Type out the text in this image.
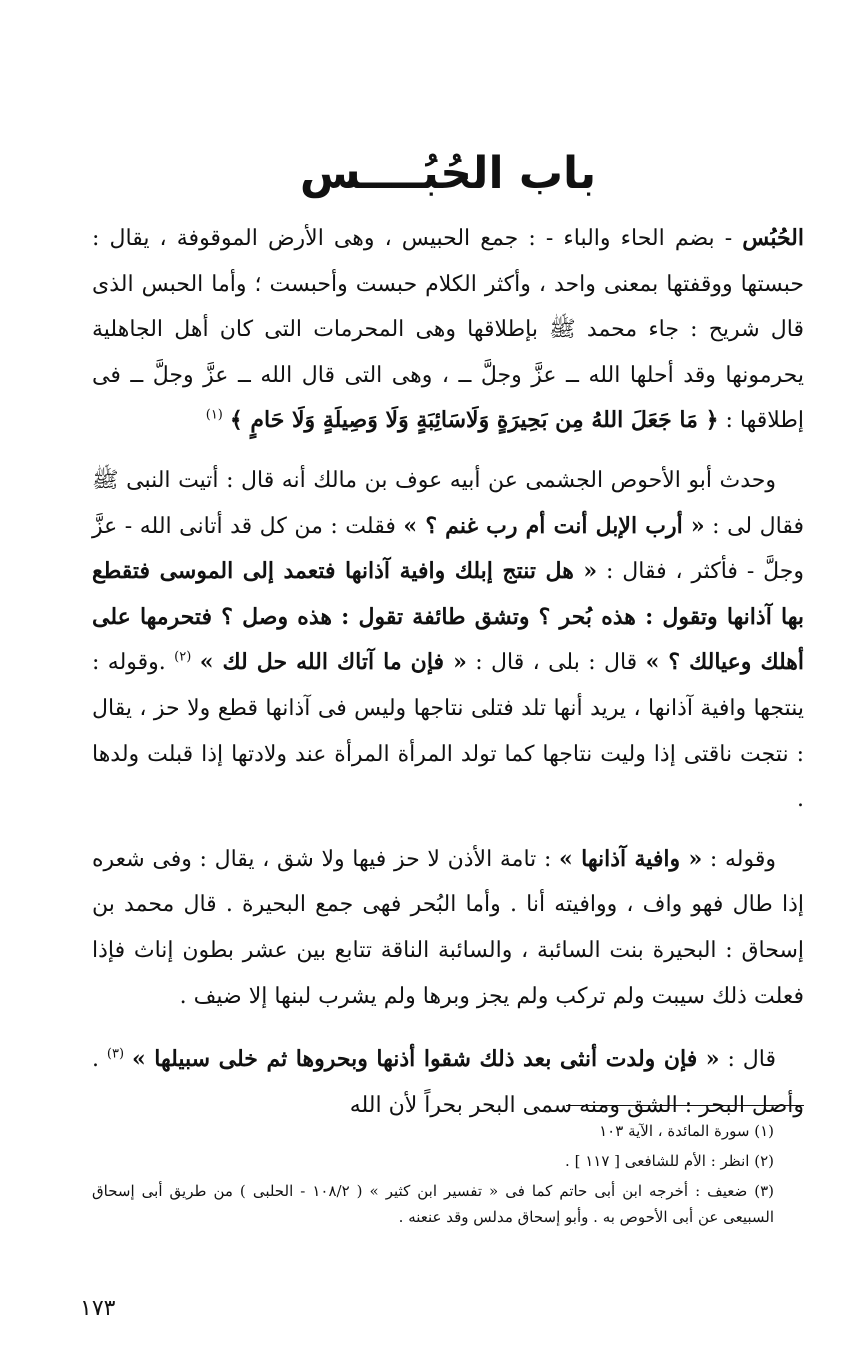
باب الحُبُــــس

الحُبُس - بضم الحاء والباء - : جمع الحبيس ، وهى الأرض الموقوفة ، يقال : حبستها ووقفتها بمعنى واحد ، وأكثر الكلام حبست وأحبست ؛ وأما الحبس الذى قال شريح : جاء محمد ﷺ بإطلاقها وهى المحرمات التى كان أهل الجاهلية يحرمونها وقد أحلها الله ــ عزَّ وجلَّ ــ ، وهى التى قال الله ــ عزَّ وجلَّ ــ فى إطلاقها : ﴿ مَا جَعَلَ اللهُ مِن بَحِيرَةٍ وَلَاسَائِبَةٍ وَلَا وَصِيلَةٍ وَلَا حَامٍ ﴾ $^{(١)}$

وحدث أبو الأحوص الجشمى عن أبيه عوف بن مالك أنه قال : أتيت النبى ﷺ فقال لى : « أرب الإبل أنت أم رب غنم ؟ » فقلت : من كل قد أتانى الله - عزَّ وجلَّ - فأكثر ، فقال : « هل تنتج إبلك وافية آذانها فتعمد إلى الموسى فتقطع بها آذانها وتقول : هذه بُحر ؟ وتشق طائفة تقول : هذه وصل ؟ فتحرمها على أهلك وعيالك ؟ » قال : بلى ، قال : « فإن ما آتاك الله حل لك » $^{(٢)}$ .وقوله : ينتجها وافية آذانها ، يريد أنها تلد فتلى نتاجها وليس فى آذانها قطع ولا حز ، يقال : نتجت ناقتى إذا وليت نتاجها كما تولد المرأة المرأة عند ولادتها إذا قبلت ولدها .

وقوله : « وافية آذانها » : تامة الأذن لا حز فيها ولا شق ، يقال : وفى شعره إذا طال فهو واف ، ووافيته أنا . وأما البُحر فهى جمع البحيرة . قال محمد بن إسحاق : البحيرة بنت السائبة ، والسائبة الناقة تتابع بين عشر بطون إناث فإذا فعلت ذلك سيبت ولم تركب ولم يجز وبرها ولم يشرب لبنها إلا ضيف .

قال : « فإن ولدت أنثى بعد ذلك شقوا أذنها وبحروها ثم خلى سبيلها » $^{(٣)}$ . وأصل البحر : الشق ومنه سمى البحر بحراً لأن الله

(١) سورة المائدة ، الآية ١٠٣

(٢) انظر : الأم للشافعى [ ١١٧ ] .

(٣) ضعيف : أخرجه ابن أبى حاتم كما فى « تفسير ابن كثير » ( ١٠٨/٢ - الحلبى ) من طريق أبى إسحاق السبيعى عن أبى الأحوص به . وأبو إسحاق مدلس وقد عنعنه .

١٧٣
